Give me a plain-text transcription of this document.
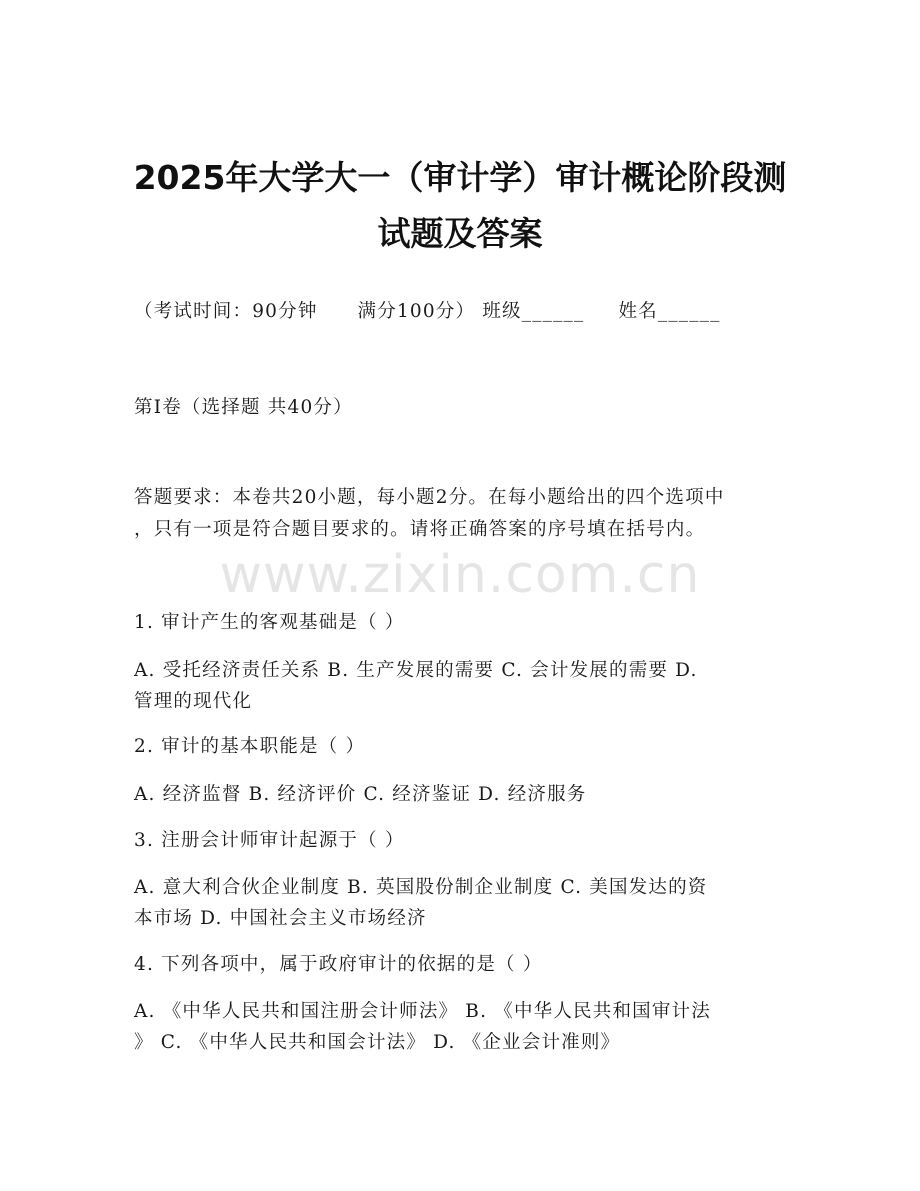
2025年大学大一（审计学）审计概论阶段测
试题及答案
（考试时间：90分钟 满分100分） 班级______ 姓名______
第Ⅰ卷（选择题 共40分）
答题要求：本卷共20小题，每小题2分。在每小题给出的四个选项中
，只有一项是符合题目要求的。请将正确答案的序号填在括号内。
www.zixin.com.cn
1. 审计产生的客观基础是（ ）
A. 受托经济责任关系 B. 生产发展的需要 C. 会计发展的需要 D.
管理的现代化
2. 审计的基本职能是（ ）
A. 经济监督 B. 经济评价 C. 经济鉴证 D. 经济服务
3. 注册会计师审计起源于（ ）
A. 意大利合伙企业制度 B. 英国股份制企业制度 C. 美国发达的资
本市场 D. 中国社会主义市场经济
4. 下列各项中，属于政府审计的依据的是（ ）
A. 《中华人民共和国注册会计师法》 B. 《中华人民共和国审计法
》 C. 《中华人民共和国会计法》 D. 《企业会计准则》
